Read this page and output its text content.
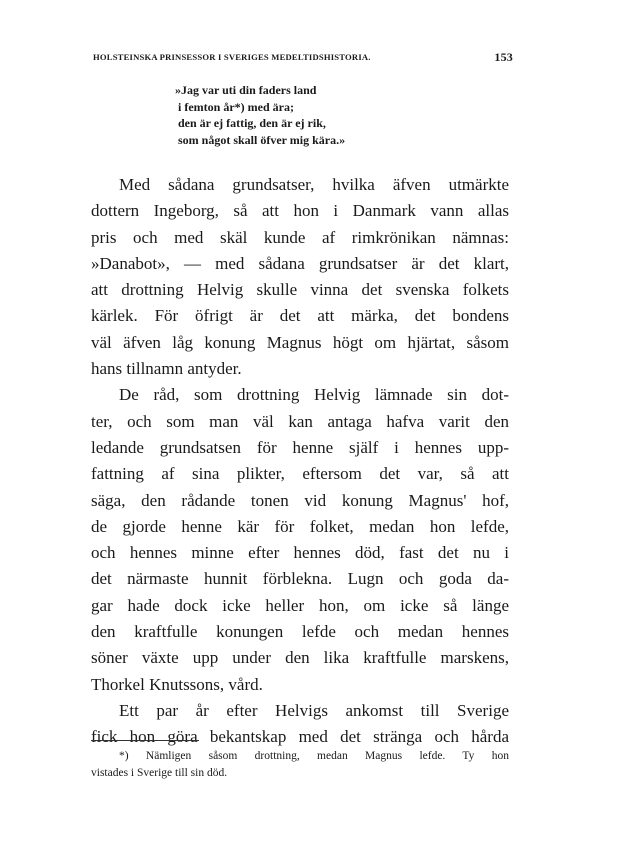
HOLSTEINSKA PRINSESSOR I SVERIGES MEDELTIDSHISTORIA.	153
»Jag var uti din faders land
i femton år*) med ära;
den är ej fattig, den är ej rik,
som något skall öfver mig kära.»
Med sådana grundsatser, hvilka äfven utmärkte
dottern Ingeborg, så att hon i Danmark vann allas
pris och med skäl kunde af rimkrönikan nämnas:
»Danabot», — med sådana grundsatser är det klart,
att drottning Helvig skulle vinna det svenska folkets
kärlek. För öfrigt är det att märka, det bondens
väl äfven låg konung Magnus högt om hjärtat, såsom
hans tillnamn antyder.
De råd, som drottning Helvig lämnade sin dot-
ter, och som man väl kan antaga hafva varit den
ledande grundsatsen för henne själf i hennes upp-
fattning af sina plikter, eftersom det var, så att
säga, den rådande tonen vid konung Magnus' hof,
de gjorde henne kär för folket, medan hon lefde,
och hennes minne efter hennes död, fast det nu i
det närmaste hunnit förblekna. Lugn och goda da-
gar hade dock icke heller hon, om icke så länge
den kraftfulle konungen lefde och medan hennes
söner växte upp under den lika kraftfulle marskens,
Thorkel Knutssons, vård.
Ett par år efter Helvigs ankomst till Sverige
fick hon göra bekantskap med det stränga och hårda
*) Nämligen såsom drottning, medan Magnus lefde. Ty hon
vistades i Sverige till sin död.
